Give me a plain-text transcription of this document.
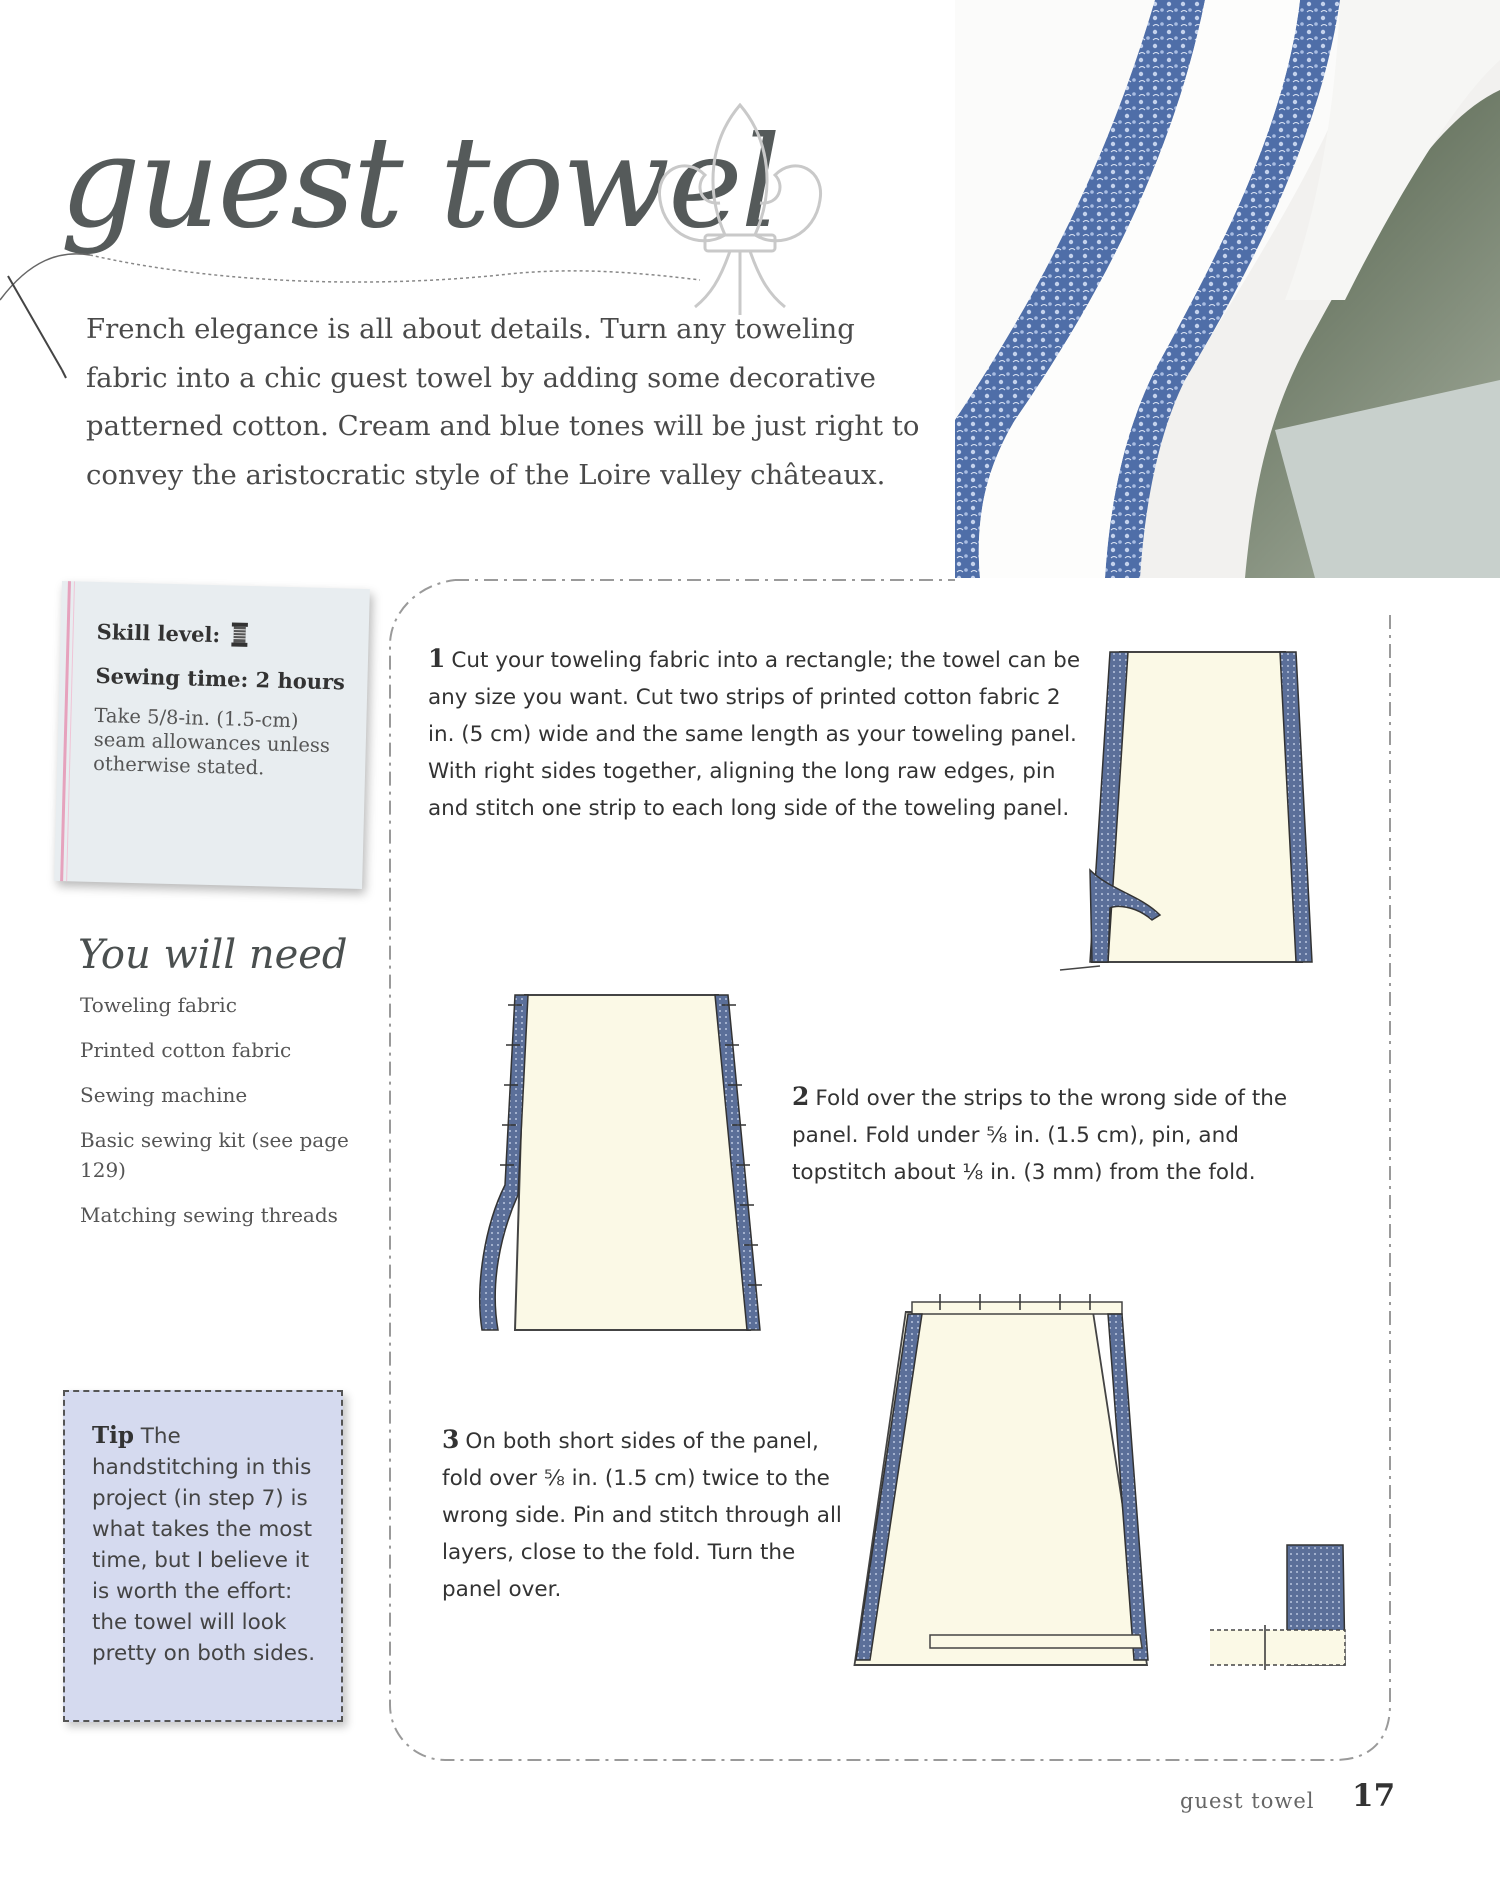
guest towel

French elegance is all about details. Turn any toweling fabric into a chic guest towel by adding some decorative patterned cotton. Cream and blue tones will be just right to convey the aristocratic style of the Loire valley châteaux.

Skill level:
Sewing time: 2 hours

Take 5/8-in. (1.5-cm) seam allowances unless otherwise stated.

You will need
Toweling fabric
Printed cotton fabric
Sewing machine
Basic sewing kit (see page 129)
Matching sewing threads

Tip The handstitching in this project (in step 7) is what takes the most time, but I believe it is worth the effort: the towel will look pretty on both sides.

1 Cut your toweling fabric into a rectangle; the towel can be any size you want. Cut two strips of printed cotton fabric 2 in. (5 cm) wide and the same length as your toweling panel. With right sides together, aligning the long raw edges, pin and stitch one strip to each long side of the toweling panel.

2 Fold over the strips to the wrong side of the panel. Fold under ⅝ in. (1.5 cm), pin, and topstitch about ⅛ in. (3 mm) from the fold.

3 On both short sides of the panel, fold over ⅝ in. (1.5 cm) twice to the wrong side. Pin and stitch through all layers, close to the fold. Turn the panel over.

guest towel 17
